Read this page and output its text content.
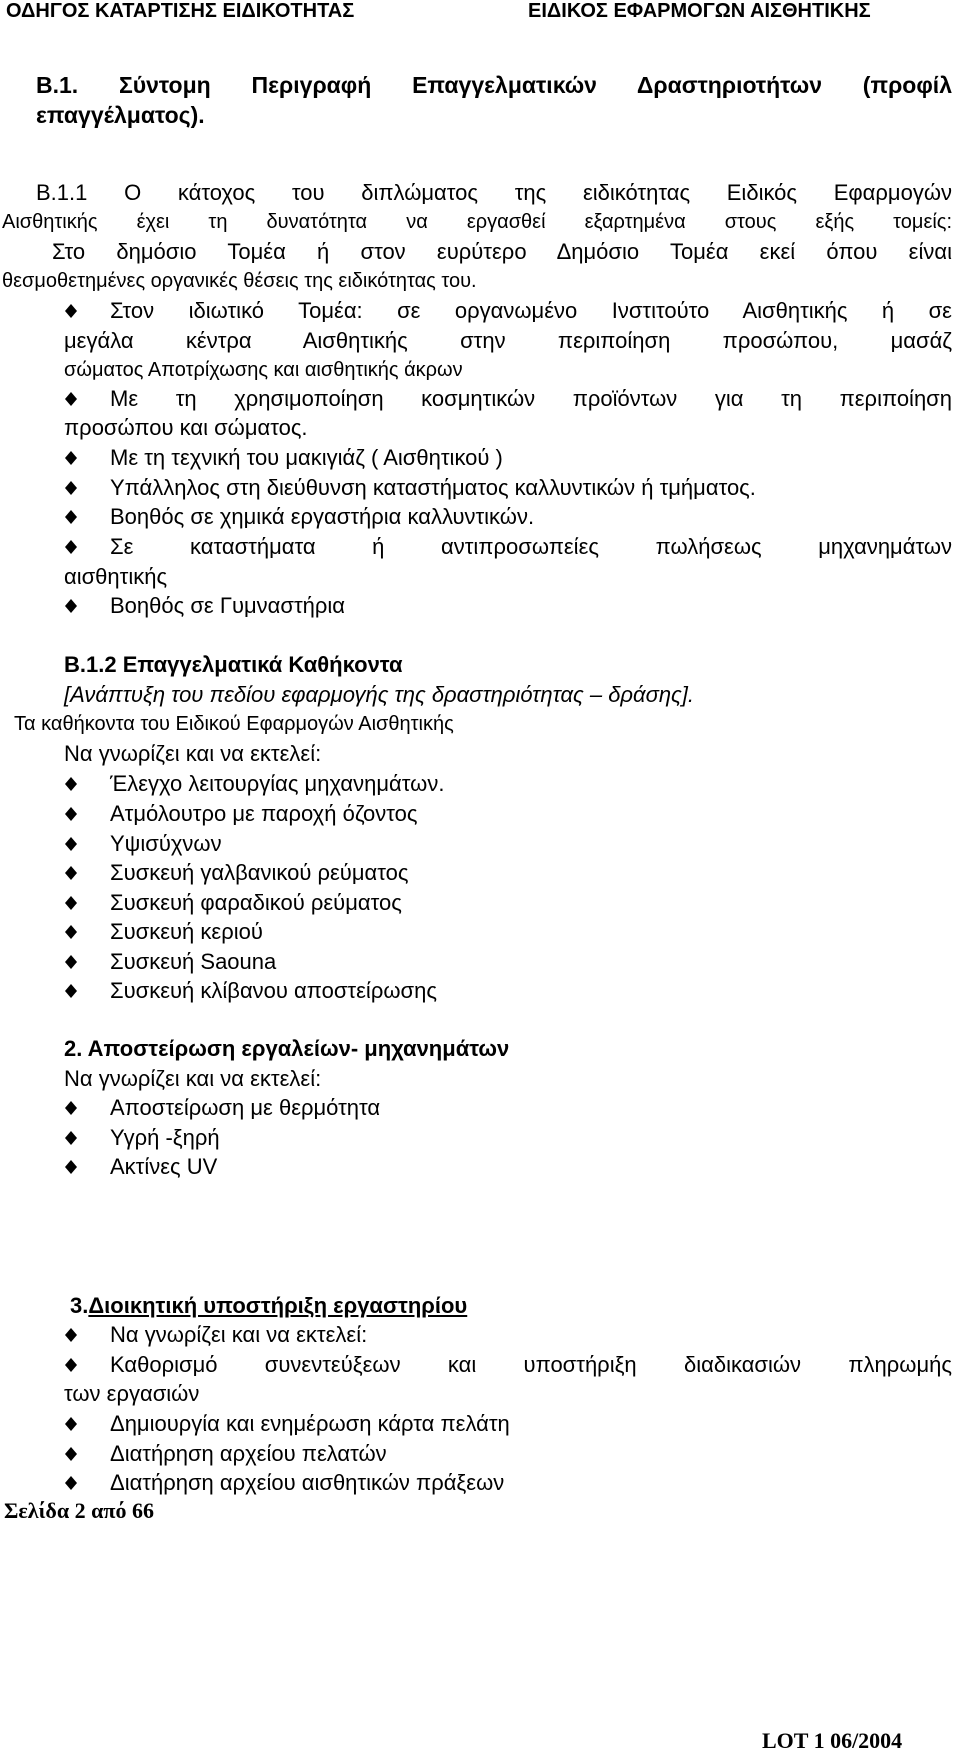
ΟΔΗΓΟΣ ΚΑΤΑΡΤΙΣΗΣ ΕΙΔΙΚΟΤΗΤΑΣ	ΕΙΔΙΚΟΣ ΕΦΑΡΜΟΓΩΝ ΑΙΣΘΗΤΙΚΗΣ
B.1. Σύντομη Περιγραφή Επαγγελματικών Δραστηριοτήτων (προφίλ
επαγγέλματος).
B.1.1 Ο κάτοχος του διπλώματος της ειδικότητας Ειδικός Εφαρμογών
Αισθητικής έχει τη δυνατότητα να εργασθεί εξαρτημένα στους εξής τομείς:
Στο δημόσιο Τομέα ή στον ευρύτερο Δημόσιο Τομέα εκεί όπου είναι
θεσμοθετημένες οργανικές θέσεις της ειδικότητας του.
Στον ιδιωτικό Τομέα: σε οργανωμένο Ινστιτούτο Αισθητικής ή σε
μεγάλα κέντρα Αισθητικής στην περιποίηση προσώπου, μασάζ
σώματος Αποτρίχωσης και αισθητικής άκρων
Με τη χρησιμοποίηση κοσμητικών προϊόντων για τη περιποίηση
προσώπου και σώματος.
Με τη τεχνική του μακιγιάζ ( Αισθητικού )
Υπάλληλος στη διεύθυνση καταστήματος καλλυντικών ή τμήματος.
Βοηθός σε χημικά εργαστήρια καλλυντικών.
Σε καταστήματα ή αντιπροσωπείες πωλήσεως μηχανημάτων
αισθητικής
Βοηθός σε Γυμναστήρια
B.1.2 Επαγγελματικά Καθήκοντα
[Ανάπτυξη του πεδίου εφαρμογής της δραστηριότητας – δράσης].
Τα καθήκοντα του Ειδικού Εφαρμογών Αισθητικής
Να γνωρίζει και να εκτελεί:
Έλεγχο λειτουργίας μηχανημάτων.
Ατμόλουτρο με παροχή όζοντος
Υψισύχνων
Συσκευή γαλβανικού ρεύματος
Συσκευή φαραδικού ρεύματος
Συσκευή κεριού
Συσκευή Saouna
Συσκευή κλίβανου αποστείρωσης
2. Αποστείρωση εργαλείων- μηχανημάτων
Να γνωρίζει και να εκτελεί:
Αποστείρωση με θερμότητα
Υγρή -ξηρή
Ακτίνες UV
3.Διοικητική υποστήριξη εργαστηρίου
Να γνωρίζει και να εκτελεί:
Καθορισμό συνεντεύξεων και υποστήριξη διαδικασιών πληρωμής
των εργασιών
Δημιουργία και ενημέρωση κάρτα πελάτη
Διατήρηση αρχείου πελατών
Διατήρηση αρχείου αισθητικών πράξεων
Σελίδα 2 από 66
LOT 1 06/2004
